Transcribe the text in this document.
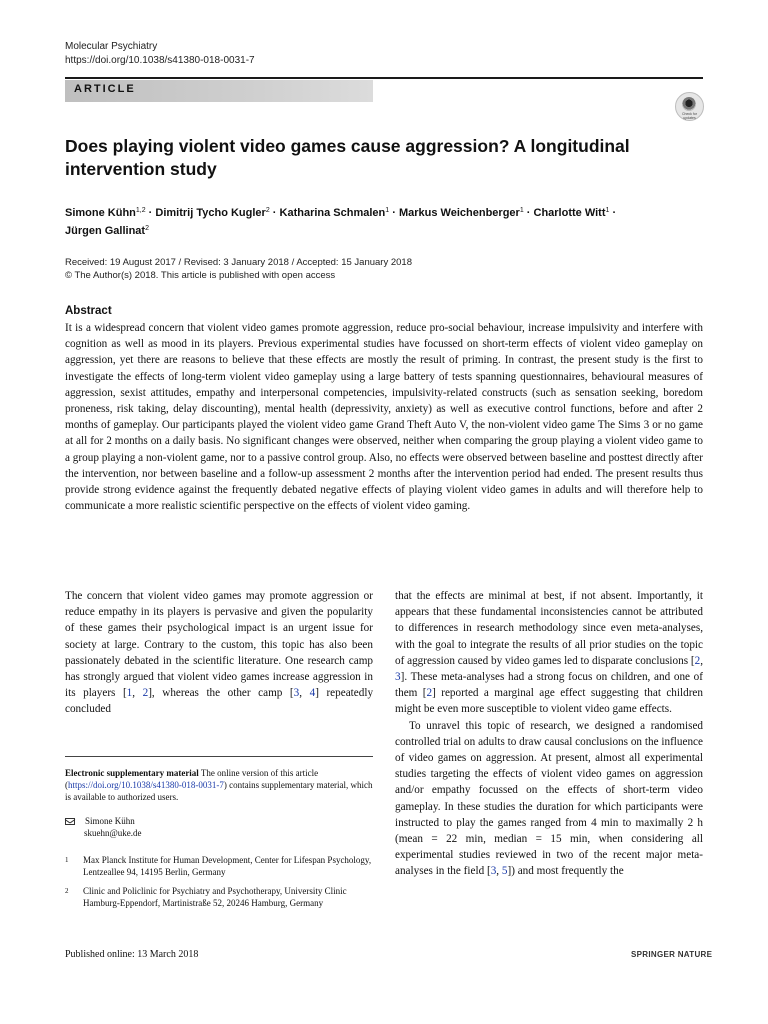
Molecular Psychiatry
https://doi.org/10.1038/s41380-018-0031-7
ARTICLE
Check for updates
Does playing violent video games cause aggression? A longitudinal intervention study
Simone Kühn$^{1,2}$ · Dimitrij Tycho Kugler$^2$ · Katharina Schmalen$^1$ · Markus Weichenberger$^1$ · Charlotte Witt$^1$ ·
Jürgen Gallinat$^2$
Received: 19 August 2017 / Revised: 3 January 2018 / Accepted: 15 January 2018
© The Author(s) 2018. This article is published with open access
Abstract
It is a widespread concern that violent video games promote aggression, reduce pro-social behaviour, increase impulsivity and interfere with cognition as well as mood in its players. Previous experimental studies have focussed on short-term effects of violent video gameplay on aggression, yet there are reasons to believe that these effects are mostly the result of priming. In contrast, the present study is the first to investigate the effects of long-term violent video gameplay using a large battery of tests spanning questionnaires, behavioural measures of aggression, sexist attitudes, empathy and interpersonal competencies, impulsivity-related constructs (such as sensation seeking, boredom proneness, risk taking, delay discounting), mental health (depressivity, anxiety) as well as executive control functions, before and after 2 months of gameplay. Our participants played the violent video game Grand Theft Auto V, the non-violent video game The Sims 3 or no game at all for 2 months on a daily basis. No significant changes were observed, neither when comparing the group playing a violent video game to a group playing a non-violent game, nor to a passive control group. Also, no effects were observed between baseline and posttest directly after the intervention, nor between baseline and a follow-up assessment 2 months after the intervention period had ended. The present results thus provide strong evidence against the frequently debated negative effects of playing violent video games in adults and will therefore help to communicate a more realistic scientific perspective on the effects of violent video gaming.

The concern that violent video games may promote aggression or reduce empathy in its players is pervasive and given the popularity of these games their psychological impact is an urgent issue for society at large. Contrary to the custom, this topic has also been passionately debated in the scientific literature. One research camp has strongly argued that violent video games increase aggression in its players [1, 2], whereas the other camp [3, 4] repeatedly concluded

that the effects are minimal at best, if not absent. Importantly, it appears that these fundamental inconsistencies cannot be attributed to differences in research methodology since even meta-analyses, with the goal to integrate the results of all prior studies on the topic of aggression caused by video games led to disparate conclusions [2, 3]. These meta-analyses had a strong focus on children, and one of them [2] reported a marginal age effect suggesting that children might be even more susceptible to violent video game effects.

To unravel this topic of research, we designed a randomised controlled trial on adults to draw causal conclusions on the influence of video games on aggression. At present, almost all experimental studies targeting the effects of violent video games on aggression and/or empathy focussed on the effects of short-term video gameplay. In these studies the duration for which participants were instructed to play the games ranged from 4 min to maximally 2 h (mean = 22 min, median = 15 min, when considering all experimental studies reviewed in two of the recent major meta-analyses in the field [3, 5]) and most frequently the

Electronic supplementary material The online version of this article (https://doi.org/10.1038/s41380-018-0031-7) contains supplementary material, which is available to authorized users.
Simone Kühn
skuehn@uke.de
1 Max Planck Institute for Human Development, Center for Lifespan Psychology, Lentzeallee 94, 14195 Berlin, Germany
2 Clinic and Policlinic for Psychiatry and Psychotherapy, University Clinic Hamburg-Eppendorf, Martinistraße 52, 20246 Hamburg, Germany
Published online: 13 March 2018	SPRINGER NATURE
